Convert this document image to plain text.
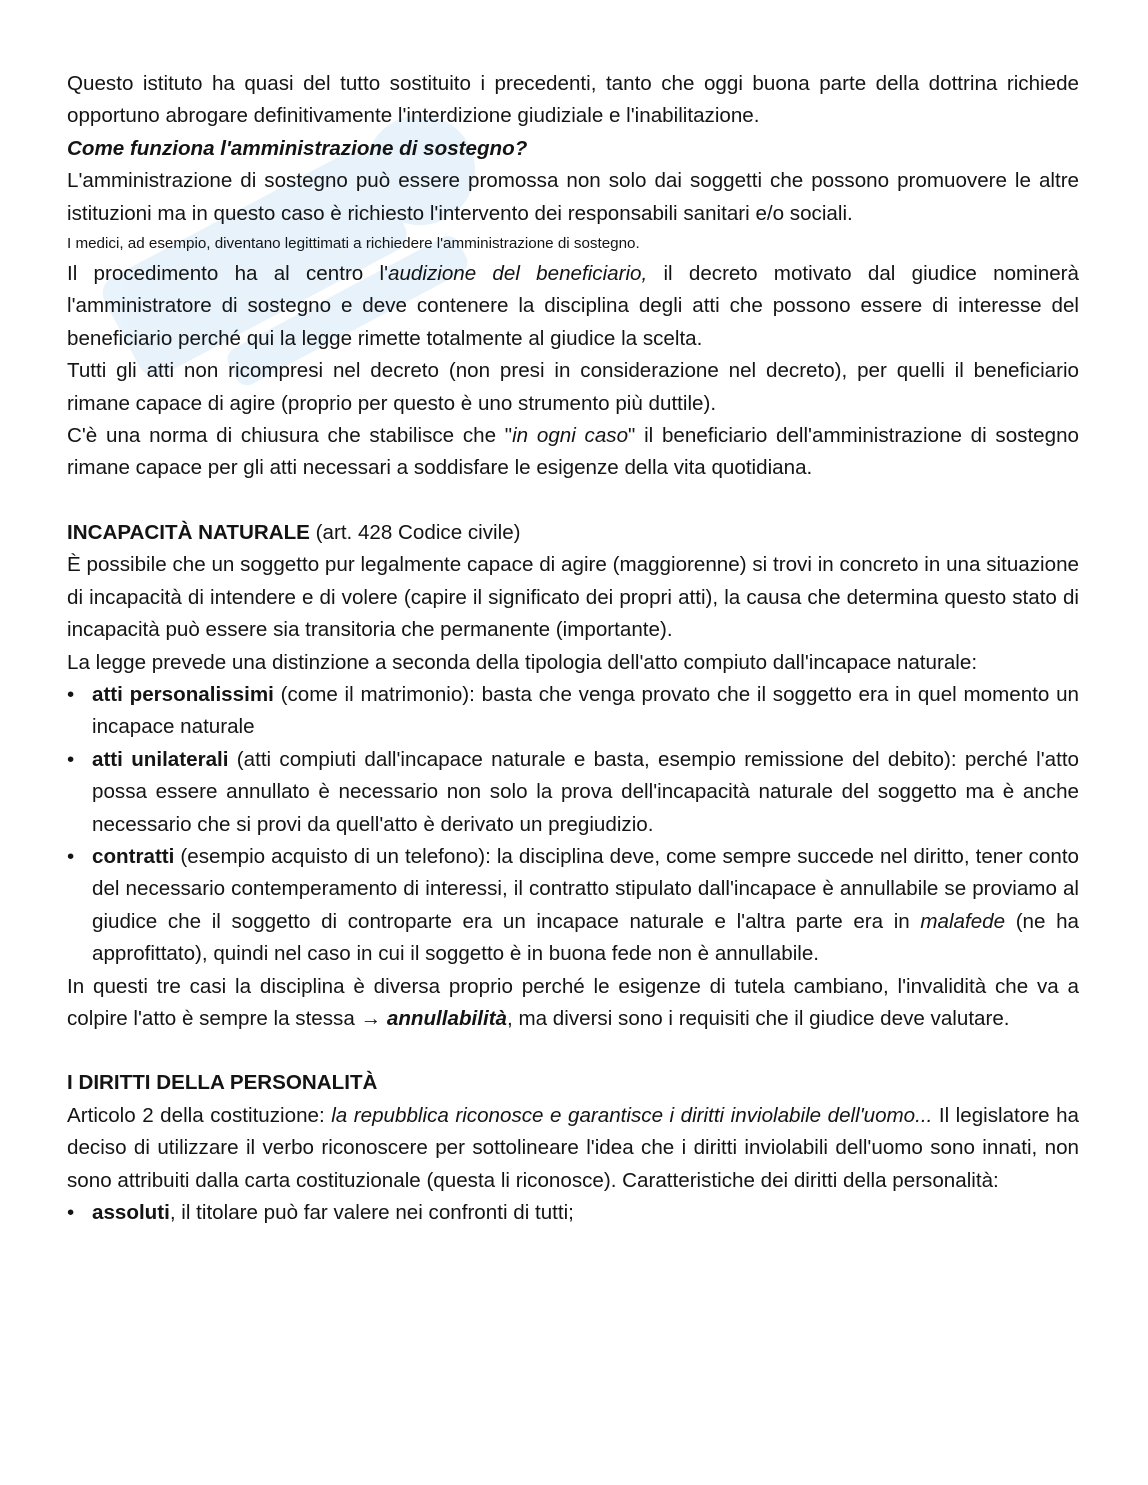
Questo istituto ha quasi del tutto sostituito i precedenti, tanto che oggi buona parte della dottrina richiede opportuno abrogare definitivamente l'interdizione giudiziale e l'inabilitazione.

Come funziona l'amministrazione di sostegno?

L'amministrazione di sostegno può essere promossa non solo dai soggetti che possono promuovere le altre istituzioni ma in questo caso è richiesto l'intervento dei responsabili sanitari e/o sociali.

I medici, ad esempio, diventano legittimati a richiedere l'amministrazione di sostegno.

Il procedimento ha al centro l'audizione del beneficiario, il decreto motivato dal giudice nominerà l'amministratore di sostegno e deve contenere la disciplina degli atti che possono essere di interesse del beneficiario perché qui la legge rimette totalmente al giudice la scelta.

Tutti gli atti non ricompresi nel decreto (non presi in considerazione nel decreto), per quelli il beneficiario rimane capace di agire (proprio per questo è uno strumento più duttile).

C'è una norma di chiusura che stabilisce che "in ogni caso" il beneficiario dell'amministrazione di sostegno rimane capace per gli atti necessari a soddisfare le esigenze della vita quotidiana.

INCAPACITÀ NATURALE (art. 428 Codice civile)

È possibile che un soggetto pur legalmente capace di agire (maggiorenne) si trovi in concreto in una situazione di incapacità di intendere e di volere (capire il significato dei propri atti), la causa che determina questo stato di incapacità può essere sia transitoria che permanente (importante).

La legge prevede una distinzione a seconda della tipologia dell'atto compiuto dall'incapace naturale:

• atti personalissimi (come il matrimonio): basta che venga provato che il soggetto era in quel momento un incapace naturale
• atti unilaterali (atti compiuti dall'incapace naturale e basta, esempio remissione del debito): perché l'atto possa essere annullato è necessario non solo la prova dell'incapacità naturale del soggetto ma è anche necessario che si provi da quell'atto è derivato un pregiudizio.
• contratti (esempio acquisto di un telefono): la disciplina deve, come sempre succede nel diritto, tener conto del necessario contemperamento di interessi, il contratto stipulato dall'incapace è annullabile se proviamo al giudice che il soggetto di controparte era un incapace naturale e l'altra parte era in malafede (ne ha approfittato), quindi nel caso in cui il soggetto è in buona fede non è annullabile.

In questi tre casi la disciplina è diversa proprio perché le esigenze di tutela cambiano, l'invalidità che va a colpire l'atto è sempre la stessa → annullabilità, ma diversi sono i requisiti che il giudice deve valutare.

I DIRITTI DELLA PERSONALITÀ

Articolo 2 della costituzione: la repubblica riconosce e garantisce i diritti inviolabile dell'uomo... Il legislatore ha deciso di utilizzare il verbo riconoscere per sottolineare l'idea che i diritti inviolabili dell'uomo sono innati, non sono attribuiti dalla carta costituzionale (questa li riconosce). Caratteristiche dei diritti della personalità:

• assoluti, il titolare può far valere nei confronti di tutti;
